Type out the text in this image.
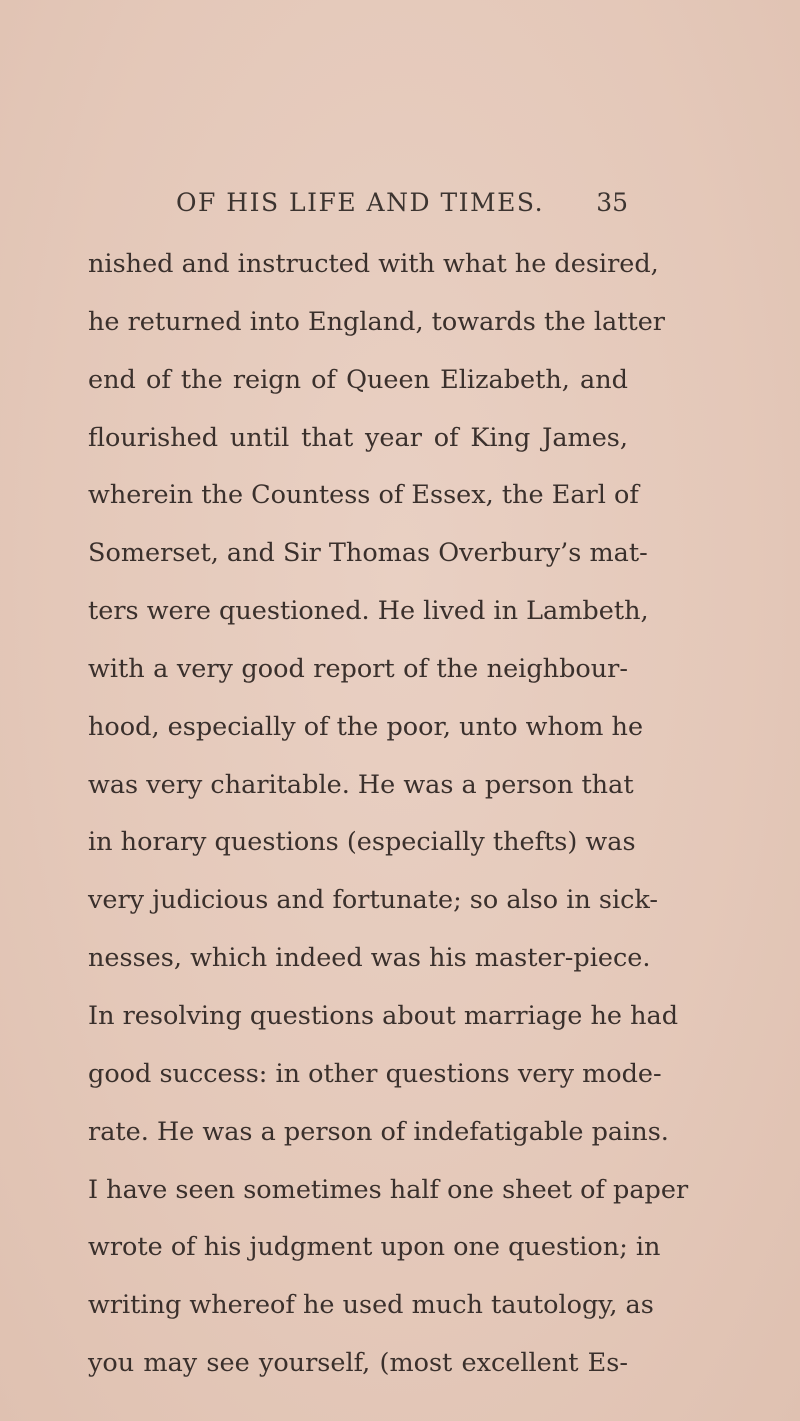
OF HIS LIFE AND TIMES. 35
nished and instructed with what he desired,
he returned into England, towards the latter
end of the reign of Queen Elizabeth, and
flourished until that year of King James,
wherein the Countess of Essex, the Earl of
Somerset, and Sir Thomas Overbury’s mat-
ters were questioned. He lived in Lambeth,
with a very good report of the neighbour-
hood, especially of the poor, unto whom he
was very charitable. He was a person that
in horary questions (especially thefts) was
very judicious and fortunate; so also in sick-
nesses, which indeed was his master-piece.
In resolving questions about marriage he had
good success: in other questions very mode-
rate. He was a person of indefatigable pains.
I have seen sometimes half one sheet of paper
wrote of his judgment upon one question; in
writing whereof he used much tautology, as
you may see yourself, (most excellent Es-
